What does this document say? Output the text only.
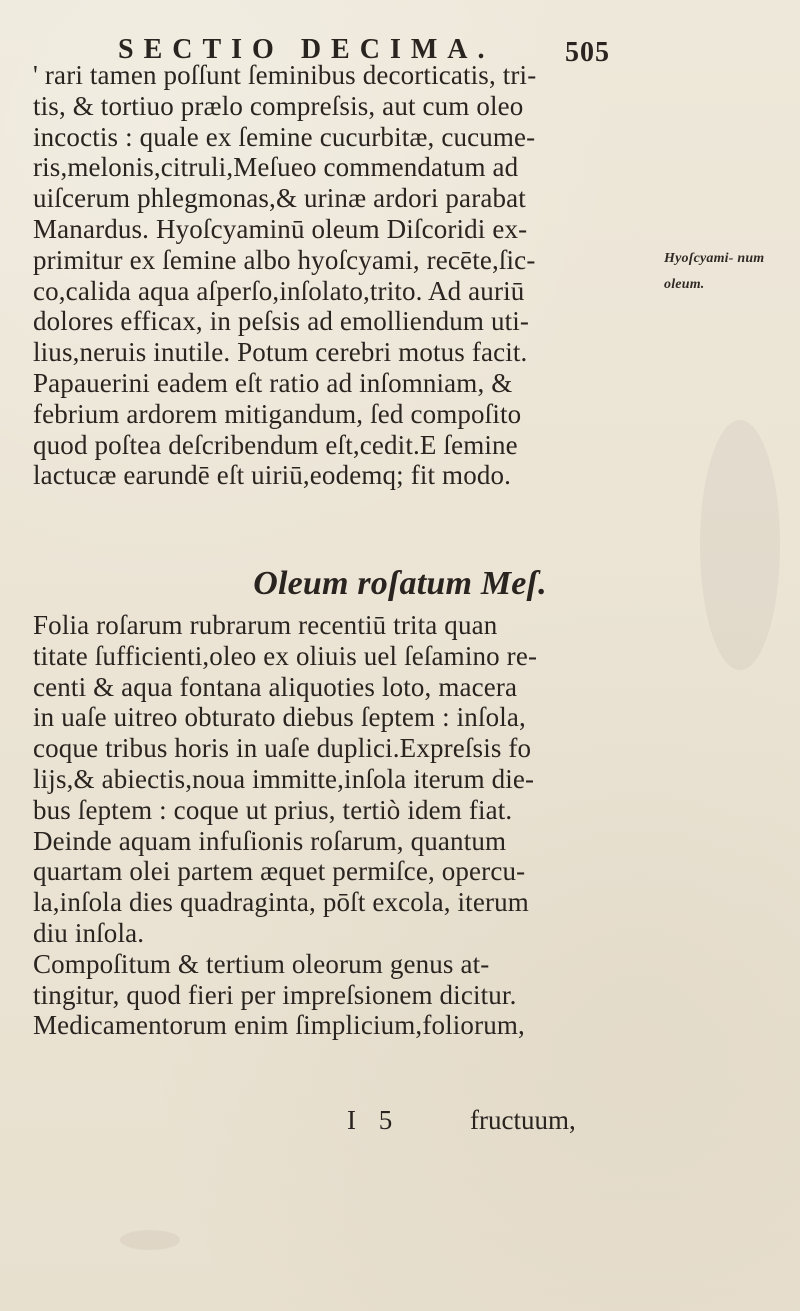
SECTIO DECIMA.	505
' rari tamen poſſunt ſeminibus decorticatis, tri-
tis, & tortiuo prælo compreſsis, aut cum oleo
incoctis : quale ex ſemine cucurbitæ, cucume-
ris,melonis,citruli,Meſueo commendatum ad
uiſcerum phlegmonas,& urinæ ardori parabat
Manardus. Hyoſcyaminū oleum Diſcoridi ex-
primitur ex ſemine albo hyoſcyami, recēte,ſic-
co,calida aqua aſperſo,inſolato,trito. Ad auriū
dolores efficax, in peſsis ad emolliendum uti-
lius,neruis inutile. Potum cerebri motus facit.
Papauerini eadem eſt ratio ad inſomniam, &
febrium ardorem mitigandum, ſed compoſito
quod poſtea deſcribendum eſt,cedit.E ſemine
lactucæ earundē eſt uiriū,eodemq; fit modo.
Hyoſcyami- num oleum.
Oleum roſatum Meſ.
Folia roſarum rubrarum recentiū trita quan
titate ſufficienti,oleo ex oliuis uel ſeſamino re-
centi & aqua fontana aliquoties loto, macera
in uaſe uitreo obturato diebus ſeptem : inſola,
coque tribus horis in uaſe duplici.Expreſsis fo
lijs,& abiectis,noua immitte,inſola iterum die-
bus ſeptem : coque ut prius, tertiò idem fiat.
Deinde aquam infuſionis roſarum, quantum
quartam olei partem æquet permiſce, opercu-
la,inſola dies quadraginta, pōſt excola, iterum
diu inſola.
Compoſitum & tertium oleorum genus at-
tingitur, quod fieri per impreſsionem dicitur.
Medicamentorum enim ſimplicium,foliorum,
I 5	fructuum,
